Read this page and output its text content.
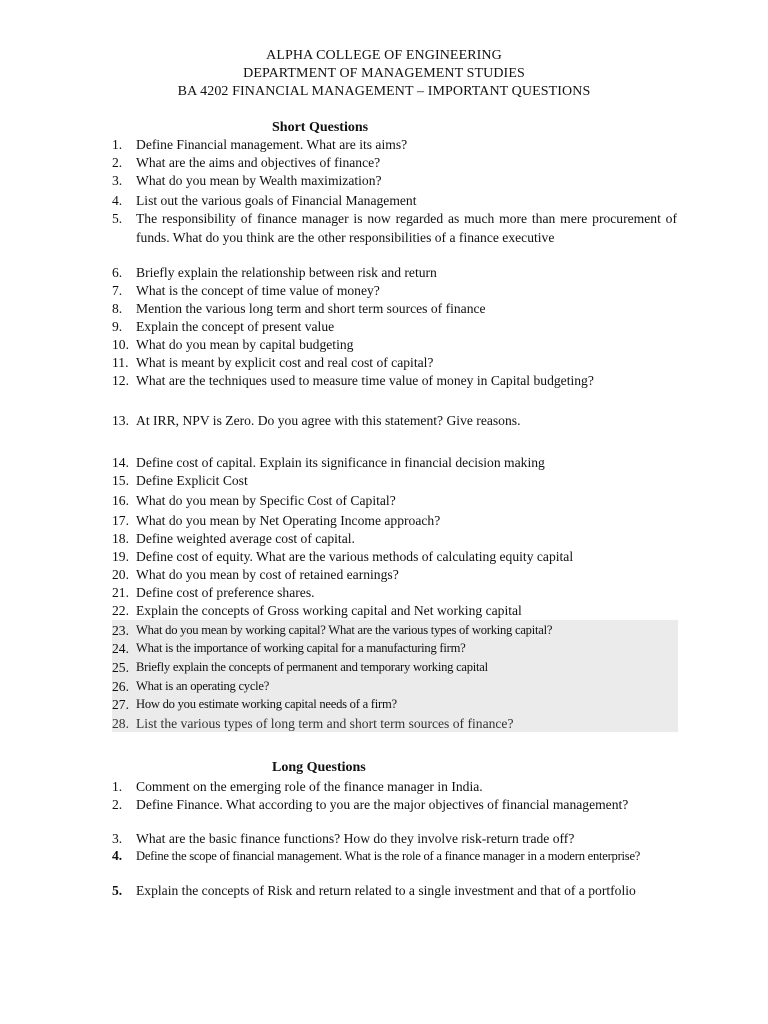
ALPHA COLLEGE OF ENGINEERING
DEPARTMENT OF MANAGEMENT STUDIES
BA 4202 FINANCIAL MANAGEMENT – IMPORTANT QUESTIONS
Short Questions
1.	Define Financial management. What are its aims?
2.	What are the aims and objectives of finance?
3.	What do you mean by Wealth maximization?
4.	List out the various goals of Financial Management
5.	The responsibility of finance manager is now regarded as much more than mere procurement of funds. What do you think are the other responsibilities of a finance executive
6.	Briefly explain the relationship between risk and return
7.	What is the concept of time value of money?
8.	Mention the various long term and short term sources of finance
9.	Explain the concept of present value
10. What do you mean by capital budgeting
11. What is meant by explicit cost and real cost of capital?
12. What are the techniques used to measure time value of money in Capital budgeting?
13. At IRR, NPV is Zero. Do you agree with this statement? Give reasons.
14. Define cost of capital. Explain its significance in financial decision making
15. Define Explicit Cost
16. What do you mean by Specific Cost of Capital?
17. What do you mean by Net Operating Income approach?
18. Define weighted average cost of capital.
19. Define cost of equity. What are the various methods of calculating equity capital
20. What do you mean by cost of retained earnings?
21. Define cost of preference shares.
22. Explain the concepts of Gross working capital and Net working capital
23. What do you mean by working capital? What are the various types of working capital?
24. What is the importance of working capital for a manufacturing firm?
25. Briefly explain the concepts of permanent and temporary working capital
26. What is an operating cycle?
27. How do you estimate working capital needs of a firm?
28. List the various types of long term and short term sources of finance?
Long Questions
1.	Comment on the emerging role of the finance manager in India.
2.	Define Finance. What according to you are the major objectives of financial management?
3.	What are the basic finance functions? How do they involve risk-return trade off?
4.	Define the scope of financial management. What is the role of a finance manager in a modern enterprise?
5.	Explain the concepts of Risk and return related to a single investment and that of a portfolio
